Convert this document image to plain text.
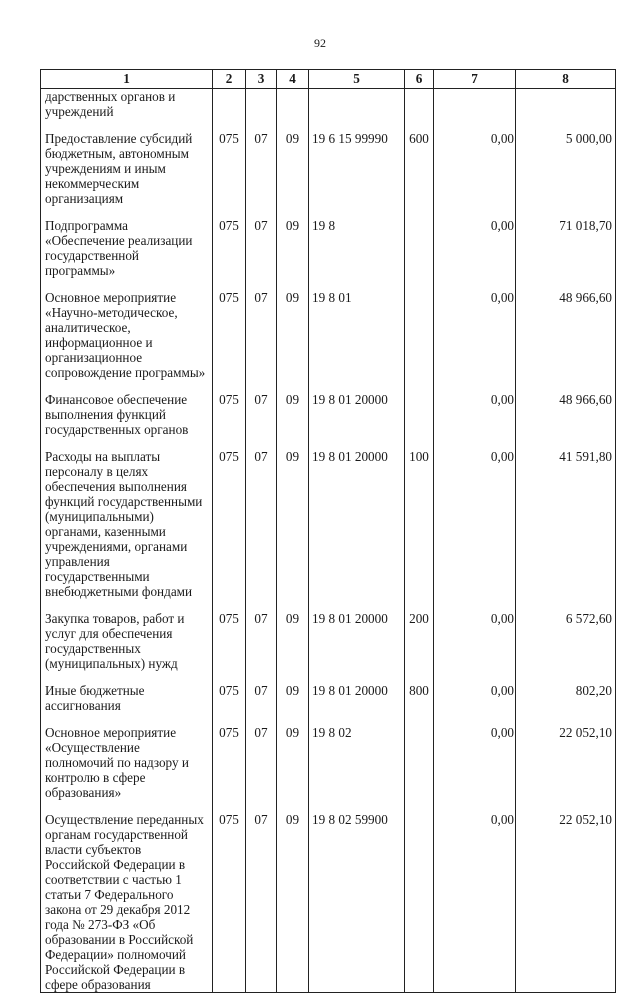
92
1	2	3	4	5	6	7	8
дарственных органов и учреждений							

Предоставление субсидий бюджетным, автономным учреждениям и иным некоммерческим организациям	075	07	09	19 6 15 99990	600	0,00	5 000,00

Подпрограмма «Обеспечение реализации государственной программы»	075	07	09	19 8		0,00	71 018,70

Основное мероприятие «Научно-методическое, аналитическое, информационное и организационное сопровождение программы»	075	07	09	19 8 01		0,00	48 966,60

Финансовое обеспечение выполнения функций государственных органов	075	07	09	19 8 01 20000		0,00	48 966,60

Расходы на выплаты персоналу в целях обеспечения выполнения функций государственными (муниципальными) органами, казенными учреждениями, органами управления государственными внебюджетными фондами	075	07	09	19 8 01 20000	100	0,00	41 591,80

Закупка товаров, работ и услуг для обеспечения государственных (муниципальных) нужд	075	07	09	19 8 01 20000	200	0,00	6 572,60

Иные бюджетные ассигнования	075	07	09	19 8 01 20000	800	0,00	802,20

Основное мероприятие «Осуществление полномочий по надзору и контролю в сфере образования»	075	07	09	19 8 02		0,00	22 052,10

Осуществление переданных органам государственной власти субъектов Российской Федерации в соответствии с частью 1 статьи 7 Федерального закона от 29 декабря 2012 года № 273-ФЗ «Об образовании в Российской Федерации» полномочий Российской Федерации в сфере образования	075	07	09	19 8 02 59900		0,00	22 052,10
